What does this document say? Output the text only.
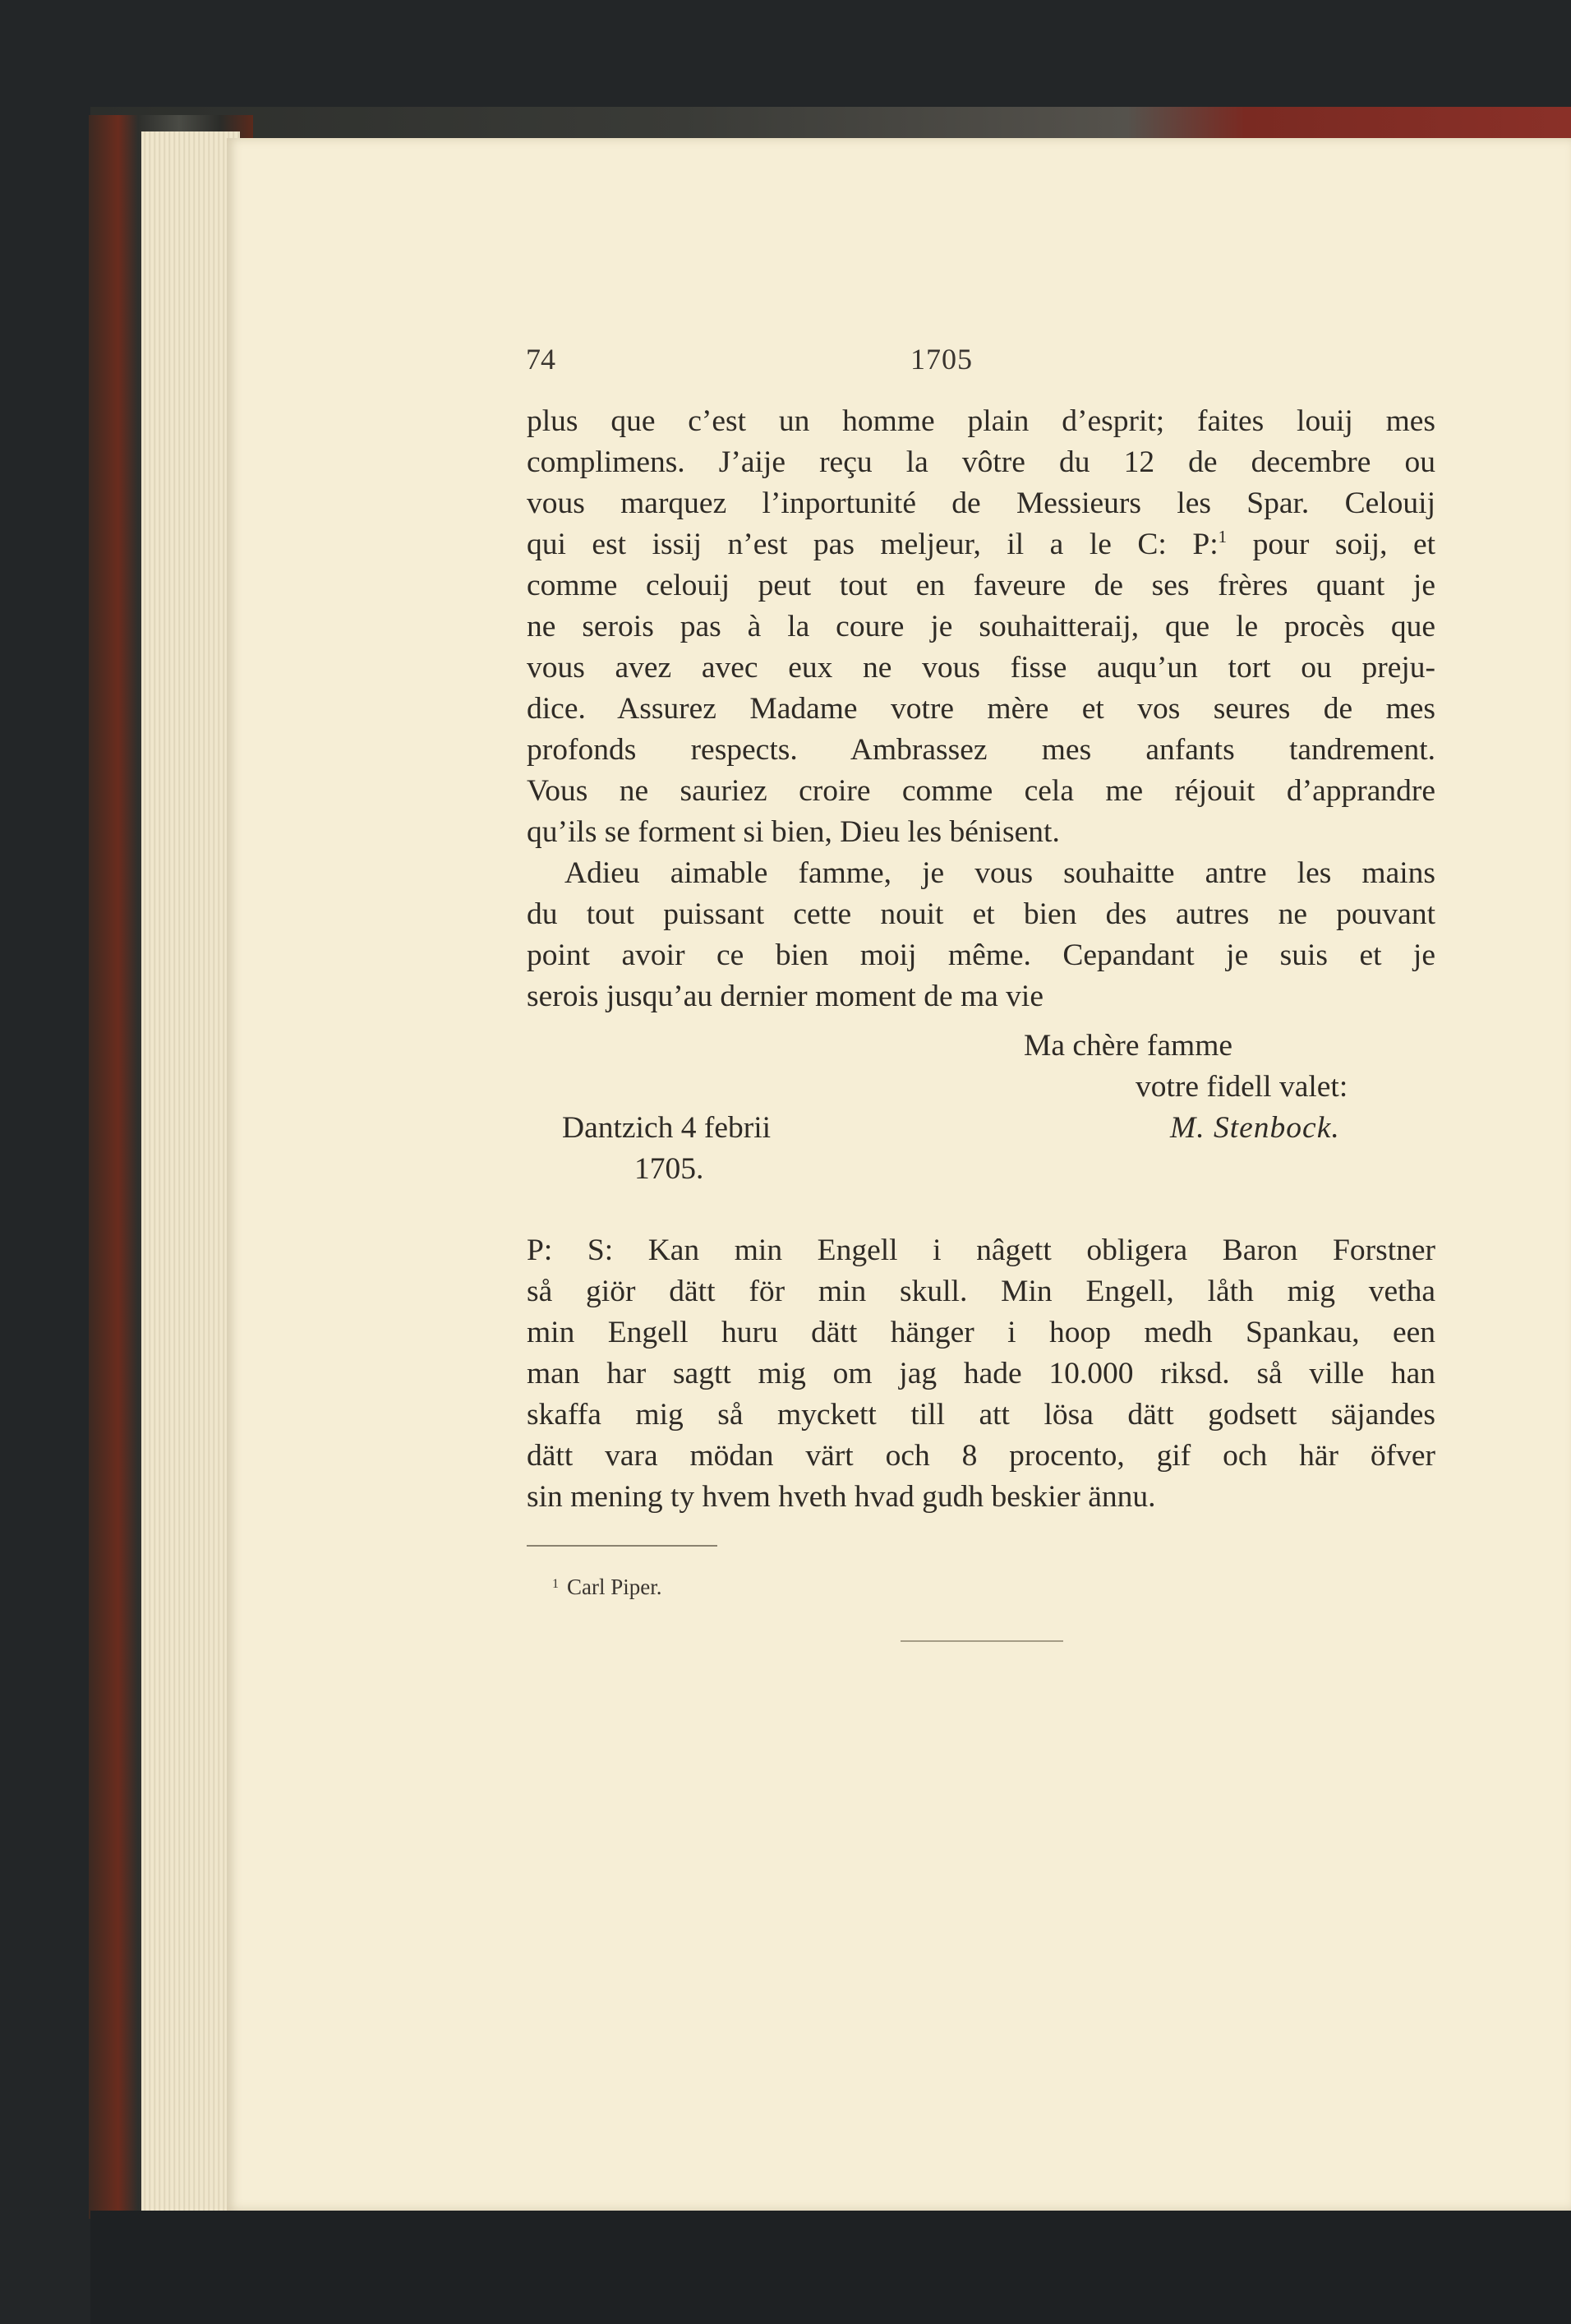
74	1705
plus que c’est un homme plain d’esprit; faites louij mes
complimens. J’aije reçu la vôtre du 12 de decembre ou
vous marquez l’inportunité de Messieurs les Spar. Celouij
qui est issij n’est pas meljeur, il a le C: P:$^1$ pour soij, et
comme celouij peut tout en faveure de ses frères quant je
ne serois pas à la coure je souhaitteraij, que le procès que
vous avez avec eux ne vous fisse auqu’un tort ou preju-
dice. Assurez Madame votre mère et vos seures de mes
profonds respects. Ambrassez mes anfants tandrement.
Vous ne sauriez croire comme cela me réjouit d’apprandre
qu’ils se forment si bien, Dieu les bénisent.
Adieu aimable famme, je vous souhaitte antre les mains
du tout puissant cette nouit et bien des autres ne pouvant
point avoir ce bien moij même. Cepandant je suis et je
serois jusqu’au dernier moment de ma vie
Ma chère famme
votre fidell valet:
Dantzich 4 febrii	M. Stenbock.
1705.
P: S: Kan min Engell i nâgett obligera Baron Forstner
så giör dätt för min skull. Min Engell, låth mig vetha
min Engell huru dätt hänger i hoop medh Spankau, een
man har sagtt mig om jag hade 10.000 riksd. så ville han
skaffa mig så myckett till att lösa dätt godsett säjandes
dätt vara mödan värt och 8 procento, gif och här öfver
sin mening ty hvem hveth hvad gudh beskier ännu.
$^1$ Carl Piper.
